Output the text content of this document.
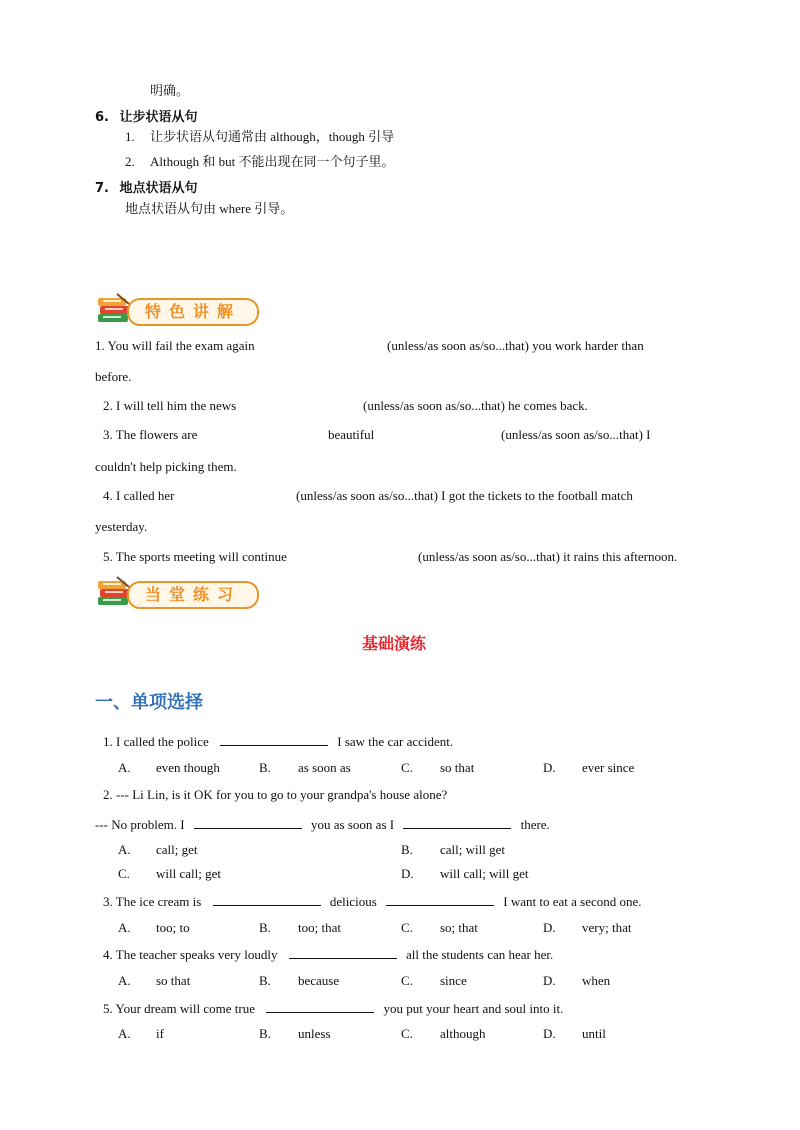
明确。
6. 让步状语从句
1. 让步状语从句通常由 although，though 引导
2. Although 和 but 不能出现在同一个句子里。
7. 地点状语从句
地点状语从句由 where 引导。
特色讲解
1. You will fail the exam again	(unless/as soon as/so...that) you work harder than
before.
2. I will tell him the news	(unless/as soon as/so...that) he comes back.
3. The flowers are	beautiful	(unless/as soon as/so...that) I
couldn't help picking them.
4. I called her	(unless/as soon as/so...that) I got the tickets to the football match
yesterday.
5. The sports meeting will continue	(unless/as soon as/so...that) it rains this afternoon.
当堂练习
基础演练
一、单项选择
1. I called the police	I saw the car accident.
A. even though	B. as soon as	C. so that	D. ever since
2. --- Li Lin, is it OK for you to go to your grandpa's house alone?
--- No problem. I	you as soon as I	there.
A. call; get	B. call; will get
C. will call; get	D. will call; will get
3. The ice cream is	delicious	I want to eat a second one.
A. too; to	B. too; that	C. so; that	D. very; that
4. The teacher speaks very loudly	all the students can hear her.
A. so that	B. because	C. since	D. when
5. Your dream will come true	you put your heart and soul into it.
A. if	B. unless	C. although	D. until
